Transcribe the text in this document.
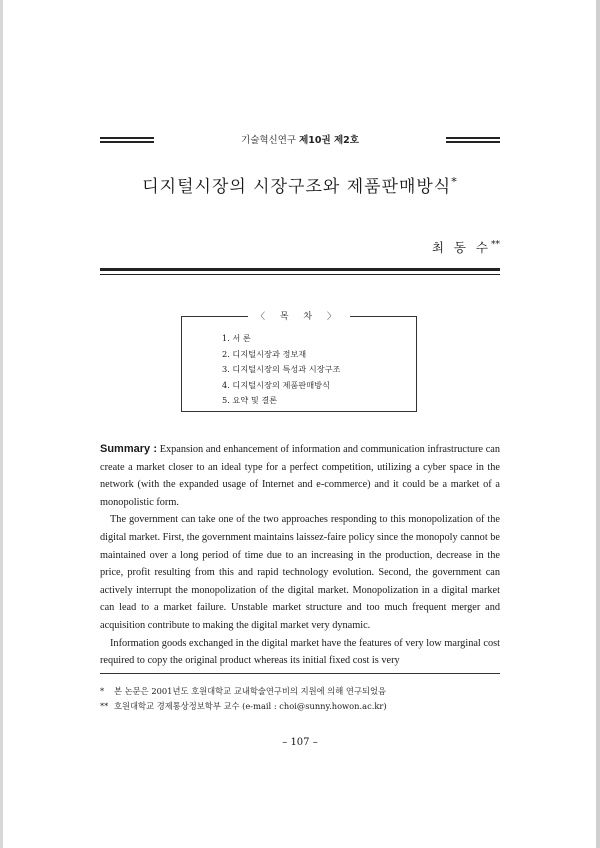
기술혁신연구 제10권 제2호
디지털시장의 시장구조와 제품판매방식*
최 동 수**
〈 목 차 〉
1. 서 론
2. 디지털시장과 정보재
3. 디지털시장의 특성과 시장구조
4. 디지털시장의 제품판매방식
5. 요약 및 결론

Summary : Expansion and enhancement of information and communication infrastructure can create a market closer to an ideal type for a perfect competition, utilizing a cyber space in the network (with the expanded usage of Internet and e-commerce) and it could be a market of a monopolistic form.

The government can take one of the two approaches responding to this monopolization of the digital market. First, the government maintains laissez-faire policy since the monopoly cannot be maintained over a long period of time due to an increasing in the production, decrease in the price, profit resulting from this and rapid technology evolution. Second, the government can actively interrupt the monopolization of the digital market. Monopolization in a digital market can lead to a market failure. Unstable market structure and too much frequent merger and acquisition contribute to making the digital market very dynamic.

Information goods exchanged in the digital market have the features of very low marginal cost required to copy the original product whereas its initial fixed cost is very

* 본 논문은 2001년도 호원대학교 교내학술연구비의 지원에 의해 연구되었음
** 호원대학교 경제통상정보학부 교수 (e-mail : choi@sunny.howon.ac.kr)
– 107 –
